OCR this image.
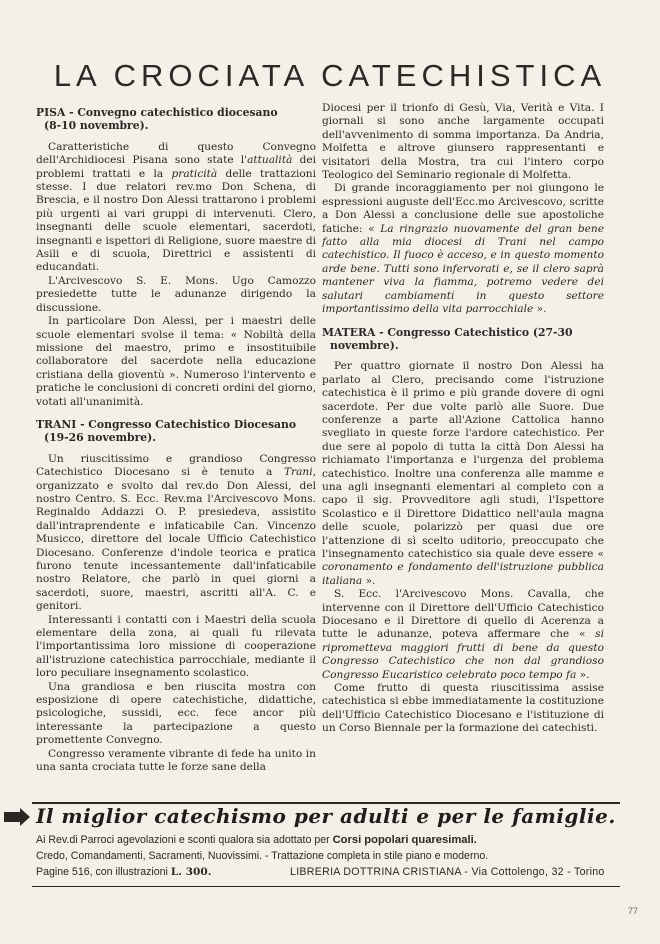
LA CROCIATA CATECHISTICA
PISA - Convegno catechistico diocesano
(8-10 novembre).

Caratteristiche di questo Convegno dell'Archidiocesi Pisana sono state l'attualità dei problemi trattati e la praticità delle trattazioni stesse. I due relatori rev.mo Don Schena, di Brescia, e il nostro Don Alessi trattarono i problemi più urgenti ai vari gruppi di intervenuti. Clero, insegnanti delle scuole elementari, sacerdoti, insegnanti e ispettori di Religione, suore maestre di Asili e di scuola, Direttrici e assistenti di educandati.

L'Arcivescovo S. E. Mons. Ugo Camozzo presiedette tutte le adunanze dirigendo la discussione.

In particolare Don Alessi, per i maestri delle scuole elementari svolse il tema: « Nobiltà della missione del maestro, primo e insostituibile collaboratore del sacerdote nella educazione cristiana della gioventù ». Numeroso l'intervento e pratiche le conclusioni di concreti ordini del giorno, votati all'unanimità.

TRANI - Congresso Catechistico Diocesano
(19-26 novembre).

Un riuscitissimo e grandioso Congresso Catechistico Diocesano si è tenuto a Trani, organizzato e svolto dal rev.do Don Alessi, del nostro Centro. S. Ecc. Rev.ma l'Arcivescovo Mons. Reginaldo Addazzi O. P. presiedeva, assistito dall'intraprendente e infaticabile Can. Vincenzo Musicco, direttore del locale Ufficio Catechistico Diocesano. Conferenze d'indole teorica e pratica furono tenute incessantemente dall'infaticabile nostro Relatore, che parlò in quei giorni a sacerdoti, suore, maestri, ascritti all'A. C. e genitori.

Interessanti i contatti con i Maestri della scuola elementare della zona, ai quali fu rilevata l'importantissima loro missione di cooperazione all'istruzione catechistica parrocchiale, mediante il loro peculiare insegnamento scolastico.

Una grandiosa e ben riuscita mostra con esposizione di opere catechistiche, didattiche, psicologiche, sussidi, ecc. fece ancor più interessante la partecipazione a questo promettente Convegno.

Congresso veramente vibrante di fede ha unito in una santa crociata tutte le forze sane della

Diocesi per il trionfo di Gesù, Via, Verità e Vita. I giornali si sono anche largamente occupati dell'avvenimento di somma importanza. Da Andria, Molfetta e altrove giunsero rappresentanti e visitatori della Mostra, tra cui l'intero corpo Teologico del Seminario regionale di Molfetta.

Di grande incoraggiamento per noi giungono le espressioni auguste dell'Ecc.mo Arcivescovo, scritte a Don Alessi a conclusione delle sue apostoliche fatiche: « La ringrazio nuovamente del gran bene fatto alla mia diocesi di Trani nel campo catechistico. Il fuoco è acceso, e in questo momento arde bene. Tutti sono infervorati e, se il clero saprà mantener viva la fiamma, potremo vedere dei salutari cambiamenti in questo settore importantissimo della vita parrocchiale ».

MATERA - Congresso Catechistico (27-30
novembre).

Per quattro giornate il nostro Don Alessi ha parlato al Clero, precisando come l'istruzione catechistica è il primo e più grande dovere di ogni sacerdote. Per due volte parlò alle Suore. Due conferenze a parte all'Azione Cattolica hanno svegliato in queste forze l'ardore catechistico. Per due sere al popolo di tutta la città Don Alessi ha richiamato l'importanza e l'urgenza del problema catechistico. Inoltre una conferenza alle mamme e una agli insegnanti elementari al completo con a capo il sig. Provveditore agli studi, l'Ispettore Scolastico e il Direttore Didattico nell'aula magna delle scuole, polarizzò per quasi due ore l'attenzione di sì scelto uditorio, preoccupato che l'insegnamento catechistico sia quale deve essere « coronamento e fondamento dell'istruzione pubblica italiana ».

S. Ecc. l'Arcivescovo Mons. Cavalla, che intervenne con il Direttore dell'Ufficio Catechistico Diocesano e il Direttore di quello di Acerenza a tutte le adunanze, poteva affermare che « si ripromettevа maggiori frutti di bene da questo Congresso Catechistico che non dal grandioso Congresso Eucaristico celebrato poco tempo fa ».

Come frutto di questa riuscitissima assise catechistica si ebbe immediatamente la costituzione dell'Ufficio Catechistico Diocesano e l'istituzione di un Corso Biennale per la formazione dei catechisti.

Il miglior catechismo per adulti e per le famiglie.
Ai Rev.di Parroci agevolazioni e sconti qualora sia adottato per Corsi popolari quaresimali.
Credo, Comandamenti, Sacramenti, Nuovissimi. - Trattazione completa in stile piano e moderno.
Pagine 516, con illustrazioni L. 300.	LIBRERIA DOTTRINA CRISTIANA - Via Cottolengo, 32 - Torino
77
